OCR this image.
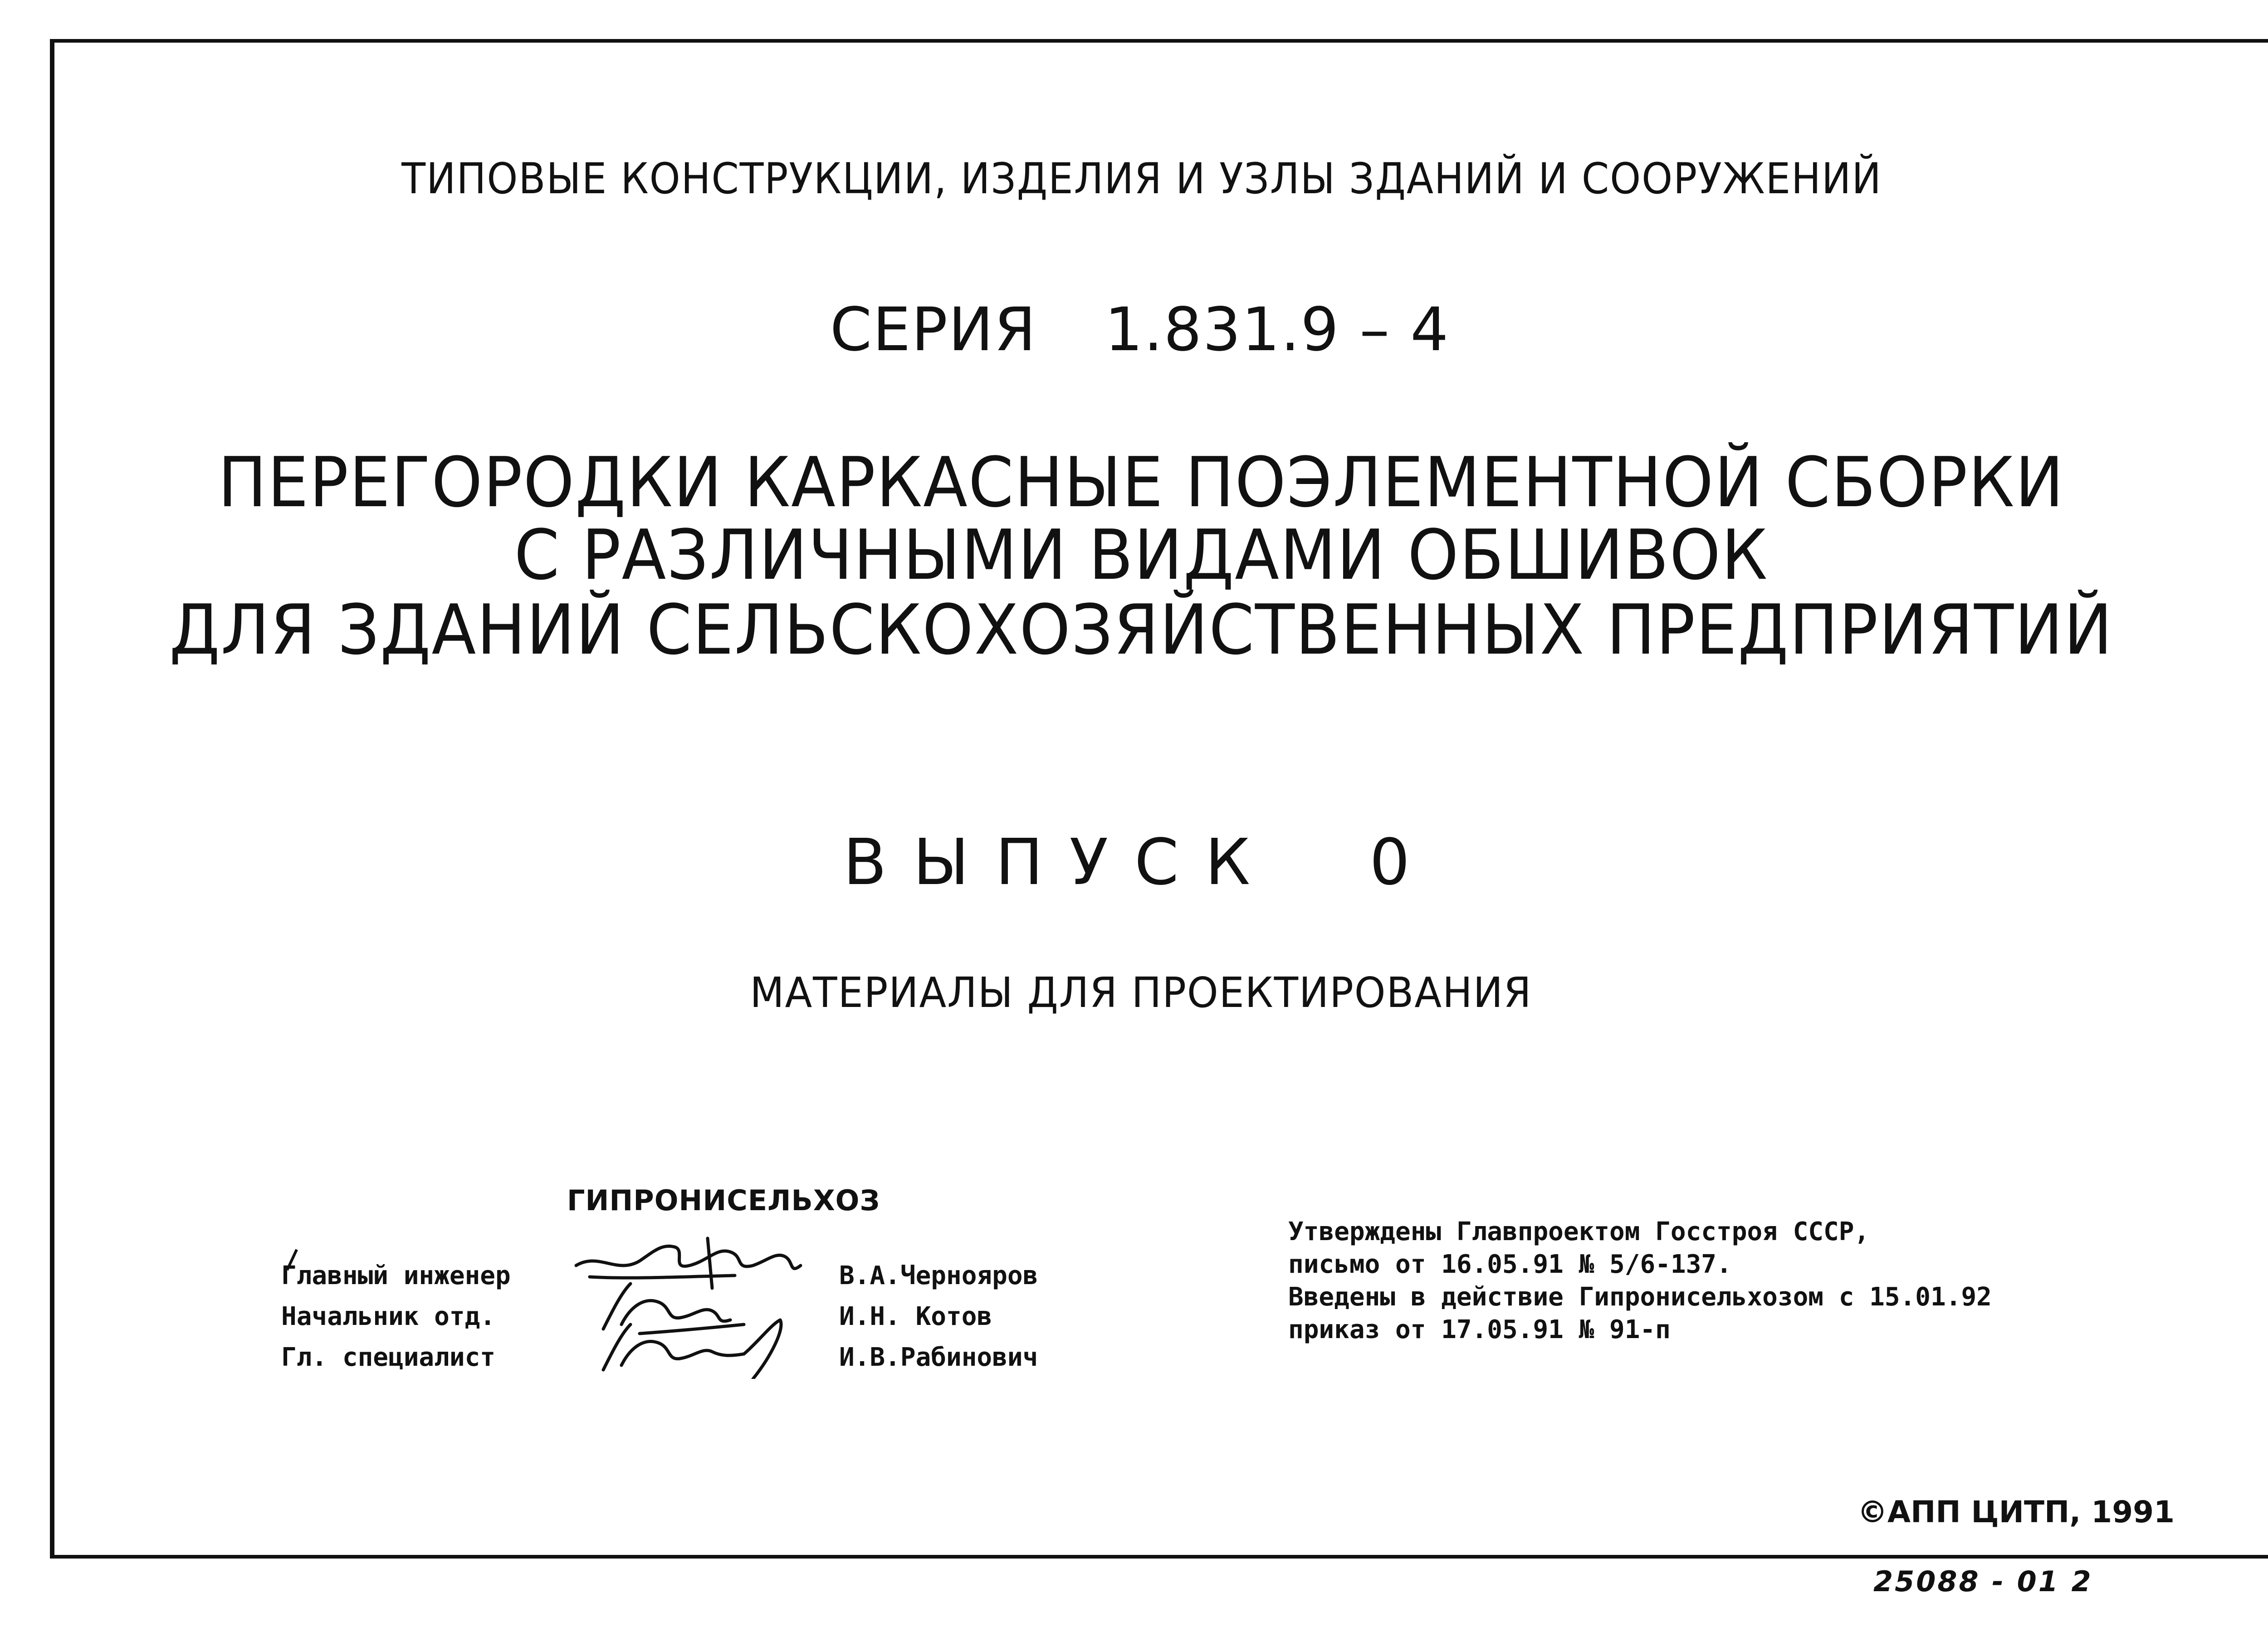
ТИПОВЫЕ КОНСТРУКЦИИ, ИЗДЕЛИЯ И УЗЛЫ ЗДАНИЙ И СООРУЖЕНИЙ
СЕРИЯ 1.831.9 – 4
ПЕРЕГОРОДКИ КАРКАСНЫЕ ПОЭЛЕМЕНТНОЙ СБОРКИ
С РАЗЛИЧНЫМИ ВИДАМИ ОБШИВОК
ДЛЯ ЗДАНИЙ СЕЛЬСКОХОЗЯЙСТВЕННЫХ ПРЕДПРИЯТИЙ
ВЫПУСК 0
МАТЕРИАЛЫ ДЛЯ ПРОЕКТИРОВАНИЯ
ГИПРОНИСЕЛЬХОЗ
Главный инженер	В.А.Чернояров
Начальник отд.	И.Н. Котов
Гл. специалист	И.В.Рабинович
Утверждены Главпроектом Госстроя СССР,
письмо от 16.05.91 № 5/6-137.
Введены в действие Гипронисельхозом с 15.01.92
приказ от 17.05.91 № 91-п
©АПП ЦИТП, 1991
25088 - 01 2
